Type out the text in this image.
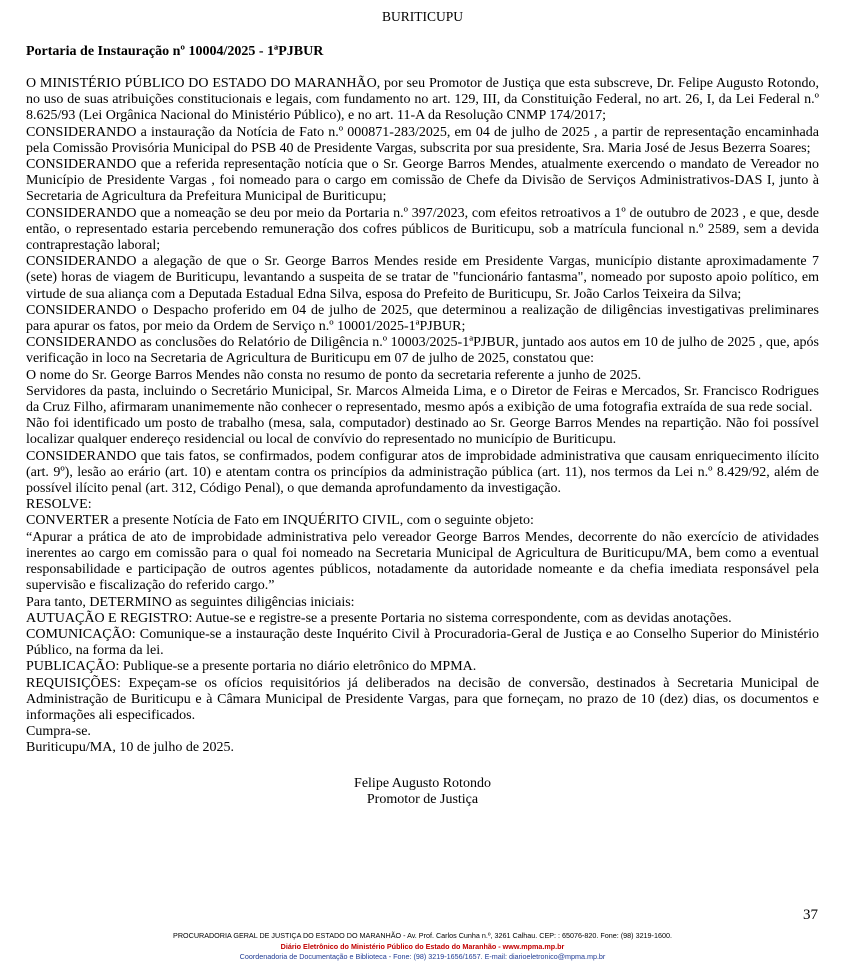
BURITICUPU
Portaria de Instauração nº 10004/2025 - 1ªPJBUR

O MINISTÉRIO PÚBLICO DO ESTADO DO MARANHÃO, por seu Promotor de Justiça que esta subscreve, Dr. Felipe Augusto Rotondo, no uso de suas atribuições constitucionais e legais, com fundamento no art. 129, III, da Constituição Federal, no art. 26, I, da Lei Federal n.º 8.625/93 (Lei Orgânica Nacional do Ministério Público), e no art. 11-A da Resolução CNMP 174/2017;

CONSIDERANDO a instauração da Notícia de Fato n.º 000871-283/2025, em 04 de julho de 2025 , a partir de representação encaminhada pela Comissão Provisória Municipal do PSB 40 de Presidente Vargas, subscrita por sua presidente, Sra. Maria José de Jesus Bezerra Soares;

CONSIDERANDO que a referida representação notícia que o Sr. George Barros Mendes, atualmente exercendo o mandato de Vereador no Município de Presidente Vargas , foi nomeado para o cargo em comissão de Chefe da Divisão de Serviços Administrativos-DAS I, junto à Secretaria de Agricultura da Prefeitura Municipal de Buriticupu;

CONSIDERANDO que a nomeação se deu por meio da Portaria n.º 397/2023, com efeitos retroativos a 1º de outubro de 2023 , e que, desde então, o representado estaria percebendo remuneração dos cofres públicos de Buriticupu, sob a matrícula funcional n.º 2589, sem a devida contraprestação laboral;

CONSIDERANDO a alegação de que o Sr. George Barros Mendes reside em Presidente Vargas, município distante aproximadamente 7 (sete) horas de viagem de Buriticupu, levantando a suspeita de se tratar de "funcionário fantasma", nomeado por suposto apoio político, em virtude de sua aliança com a Deputada Estadual Edna Silva, esposa do Prefeito de Buriticupu, Sr. João Carlos Teixeira da Silva;

CONSIDERANDO o Despacho proferido em 04 de julho de 2025, que determinou a realização de diligências investigativas preliminares para apurar os fatos, por meio da Ordem de Serviço n.º 10001/2025-1ªPJBUR;

CONSIDERANDO as conclusões do Relatório de Diligência n.º 10003/2025-1ªPJBUR, juntado aos autos em 10 de julho de 2025 , que, após verificação in loco na Secretaria de Agricultura de Buriticupu em 07 de julho de 2025, constatou que:

O nome do Sr. George Barros Mendes não consta no resumo de ponto da secretaria referente a junho de 2025.

Servidores da pasta, incluindo o Secretário Municipal, Sr. Marcos Almeida Lima, e o Diretor de Feiras e Mercados, Sr. Francisco Rodrigues da Cruz Filho, afirmaram unanimemente não conhecer o representado, mesmo após a exibição de uma fotografia extraída de sua rede social.

Não foi identificado um posto de trabalho (mesa, sala, computador) destinado ao Sr. George Barros Mendes na repartição. Não foi possível localizar qualquer endereço residencial ou local de convívio do representado no município de Buriticupu.

CONSIDERANDO que tais fatos, se confirmados, podem configurar atos de improbidade administrativa que causam enriquecimento ilícito (art. 9º), lesão ao erário (art. 10) e atentam contra os princípios da administração pública (art. 11), nos termos da Lei n.º 8.429/92, além de possível ilícito penal (art. 312, Código Penal), o que demanda aprofundamento da investigação.

RESOLVE:

CONVERTER a presente Notícia de Fato em INQUÉRITO CIVIL, com o seguinte objeto:

“Apurar a prática de ato de improbidade administrativa pelo vereador George Barros Mendes, decorrente do não exercício de atividades inerentes ao cargo em comissão para o qual foi nomeado na Secretaria Municipal de Agricultura de Buriticupu/MA, bem como a eventual responsabilidade e participação de outros agentes públicos, notadamente da autoridade nomeante e da chefia imediata responsável pela supervisão e fiscalização do referido cargo.”

Para tanto, DETERMINO as seguintes diligências iniciais:

AUTUAÇÃO E REGISTRO: Autue-se e registre-se a presente Portaria no sistema correspondente, com as devidas anotações.

COMUNICAÇÃO: Comunique-se a instauração deste Inquérito Civil à Procuradoria-Geral de Justiça e ao Conselho Superior do Ministério Público, na forma da lei.

PUBLICAÇÃO: Publique-se a presente portaria no diário eletrônico do MPMA.

REQUISIÇÕES: Expeçam-se os ofícios requisitórios já deliberados na decisão de conversão, destinados à Secretaria Municipal de Administração de Buriticupu e à Câmara Municipal de Presidente Vargas, para que forneçam, no prazo de 10 (dez) dias, os documentos e informações ali especificados.

Cumpra-se.

Buriticupu/MA, 10 de julho de 2025.

Felipe Augusto Rotondo
Promotor de Justiça
37
PROCURADORIA GERAL DE JUSTIÇA DO ESTADO DO MARANHÃO - Av. Prof. Carlos Cunha n.º, 3261 Calhau. CEP: : 65076-820. Fone: (98) 3219-1600.
Diário Eletrônico do Ministério Público do Estado do Maranhão - www.mpma.mp.br
Coordenadoria de Documentação e Biblioteca - Fone: (98) 3219-1656/1657. E-mail: diarioeletronico@mpma.mp.br
